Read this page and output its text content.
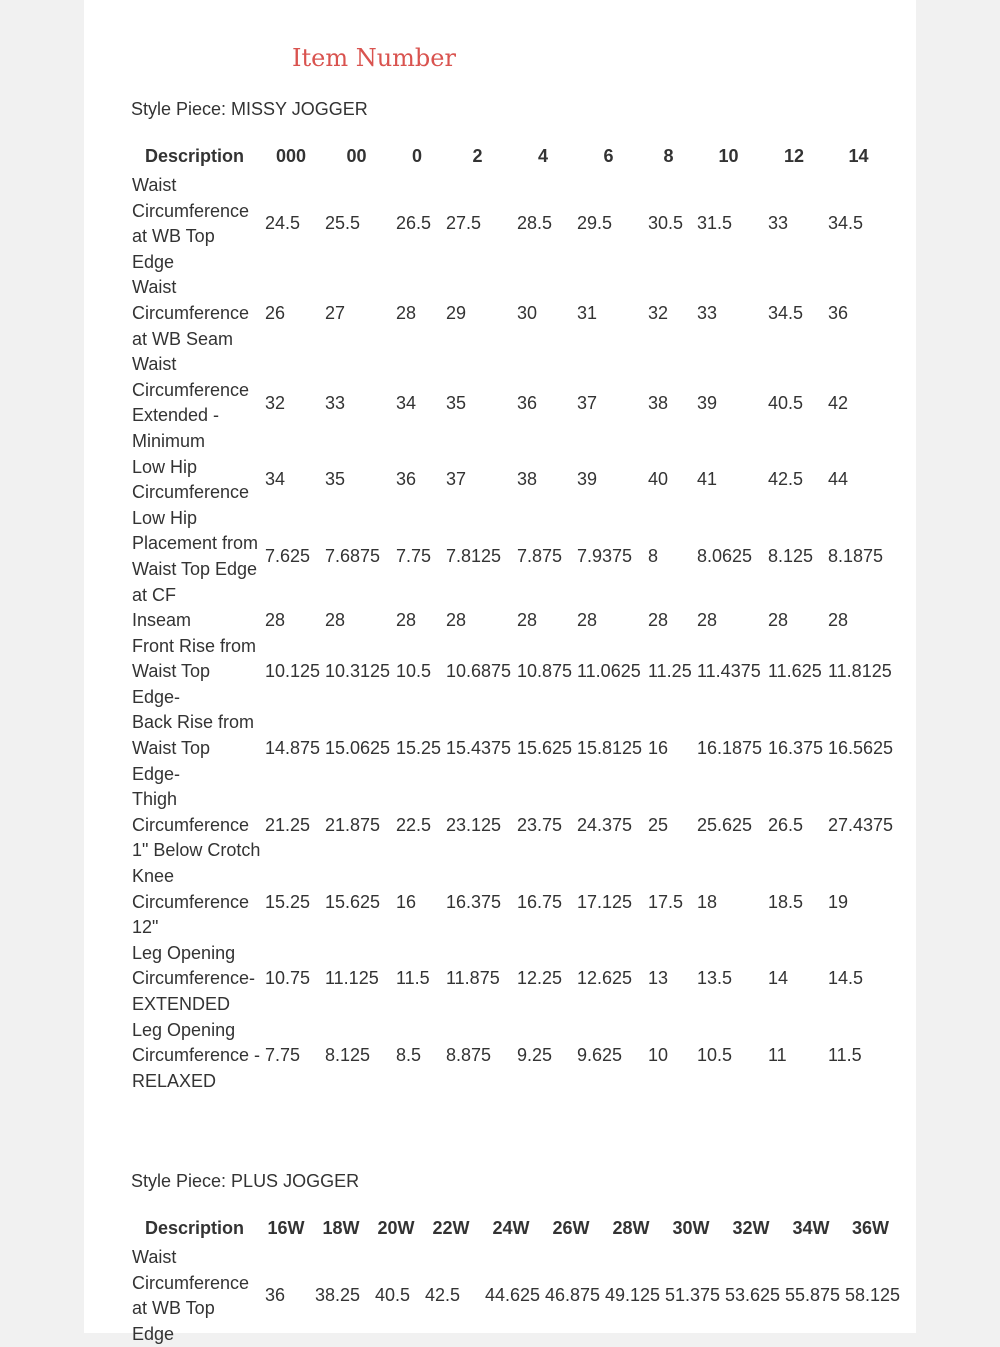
Item Number

Style Piece: MISSY JOGGER

Description	000	00	0	2	4	6	8	10	12	14
Waist Circumference at WB Top Edge	24.5	25.5	26.5	27.5	28.5	29.5	30.5	31.5	33	34.5
Waist Circumference at WB Seam	26	27	28	29	30	31	32	33	34.5	36
Waist Circumference Extended - Minimum	32	33	34	35	36	37	38	39	40.5	42
Low Hip Circumference	34	35	36	37	38	39	40	41	42.5	44
Low Hip Placement from Waist Top Edge at CF	7.625	7.6875	7.75	7.8125	7.875	7.9375	8	8.0625	8.125	8.1875
Inseam	28	28	28	28	28	28	28	28	28	28
Front Rise from Waist Top Edge-	10.125	10.3125	10.5	10.6875	10.875	11.0625	11.25	11.4375	11.625	11.8125
Back Rise from Waist Top Edge-	14.875	15.0625	15.25	15.4375	15.625	15.8125	16	16.1875	16.375	16.5625
Thigh Circumference 1" Below Crotch	21.25	21.875	22.5	23.125	23.75	24.375	25	25.625	26.5	27.4375
Knee Circumference 12"	15.25	15.625	16	16.375	16.75	17.125	17.5	18	18.5	19
Leg Opening Circumference- EXTENDED	10.75	11.125	11.5	11.875	12.25	12.625	13	13.5	14	14.5
Leg Opening Circumference - RELAXED	7.75	8.125	8.5	8.875	9.25	9.625	10	10.5	11	11.5

Style Piece: PLUS JOGGER

Description	16W	18W	20W	22W	24W	26W	28W	30W	32W	34W	36W
Waist Circumference at WB Top Edge	36	38.25	40.5	42.5	44.625	46.875	49.125	51.375	53.625	55.875	58.125
